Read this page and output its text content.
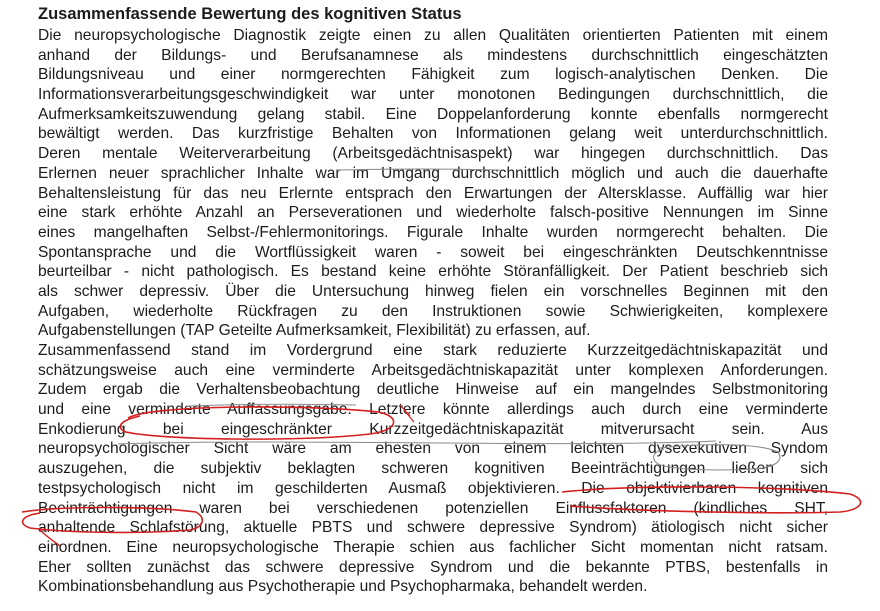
Zusammenfassende Bewertung des kognitiven Status
Die neuropsychologische Diagnostik zeigte einen zu allen Qualitäten orientierten Patienten mit einem
anhand der Bildungs- und Berufsanamnese als mindestens durchschnittlich eingeschätzten
Bildungsniveau und einer normgerechten Fähigkeit zum logisch-analytischen Denken. Die
Informationsverarbeitungsgeschwindigkeit war unter monotonen Bedingungen durchschnittlich, die
Aufmerksamkeitszuwendung gelang stabil. Eine Doppelanforderung konnte ebenfalls normgerecht
bewältigt werden. Das kurzfristige Behalten von Informationen gelang weit unterdurchschnittlich.
Deren mentale Weiterverarbeitung (Arbeitsgedächtnisaspekt) war hingegen durchschnittlich. Das
Erlernen neuer sprachlicher Inhalte war im Umgang durchschnittlich möglich und auch die dauerhafte
Behaltensleistung für das neu Erlernte entsprach den Erwartungen der Altersklasse. Auffällig war hier
eine stark erhöhte Anzahl an Perseverationen und wiederholte falsch-positive Nennungen im Sinne
eines mangelhaften Selbst-/Fehlermonitorings. Figurale Inhalte wurden normgerecht behalten. Die
Spontansprache und die Wortflüssigkeit waren - soweit bei eingeschränkten Deutschkenntnisse
beurteilbar - nicht pathologisch. Es bestand keine erhöhte Störanfälligkeit. Der Patient beschrieb sich
als schwer depressiv. Über die Untersuchung hinweg fielen ein vorschnelles Beginnen mit den
Aufgaben, wiederholte Rückfragen zu den Instruktionen sowie Schwierigkeiten, komplexere
Aufgabenstellungen (TAP Geteilte Aufmerksamkeit, Flexibilität) zu erfassen, auf.
Zusammenfassend stand im Vordergrund eine stark reduzierte Kurzzeitgedächtniskapazität und
schätzungsweise auch eine verminderte Arbeitsgedächtniskapazität unter komplexen Anforderungen.
Zudem ergab die Verhaltensbeobachtung deutliche Hinweise auf ein mangelndes Selbstmonitoring
und eine verminderte Auffassungsgabe. Letztere könnte allerdings auch durch eine verminderte
Enkodierung bei eingeschränkter Kurzzeitgedächtniskapazität mitverursacht sein. Aus
neuropsychologischer Sicht wäre am ehesten von einem leichten dysexekutiven Syndom
auszugehen, die subjektiv beklagten schweren kognitiven Beeinträchtigungen ließen sich
testpsychologisch nicht im geschilderten Ausmaß objektivieren. Die objektivierbaren kognitiven
Beeinträchtigungen waren bei verschiedenen potenziellen Einflussfaktoren (kindliches SHT,
anhaltende Schlafstörung, aktuelle PBTS und schwere depressive Syndrom) ätiologisch nicht sicher
einordnen. Eine neuropsychologische Therapie schien aus fachlicher Sicht momentan nicht ratsam.
Eher sollten zunächst das schwere depressive Syndrom und die bekannte PTBS, bestenfalls in
Kombinationsbehandlung aus Psychotherapie und Psychopharmaka, behandelt werden.
